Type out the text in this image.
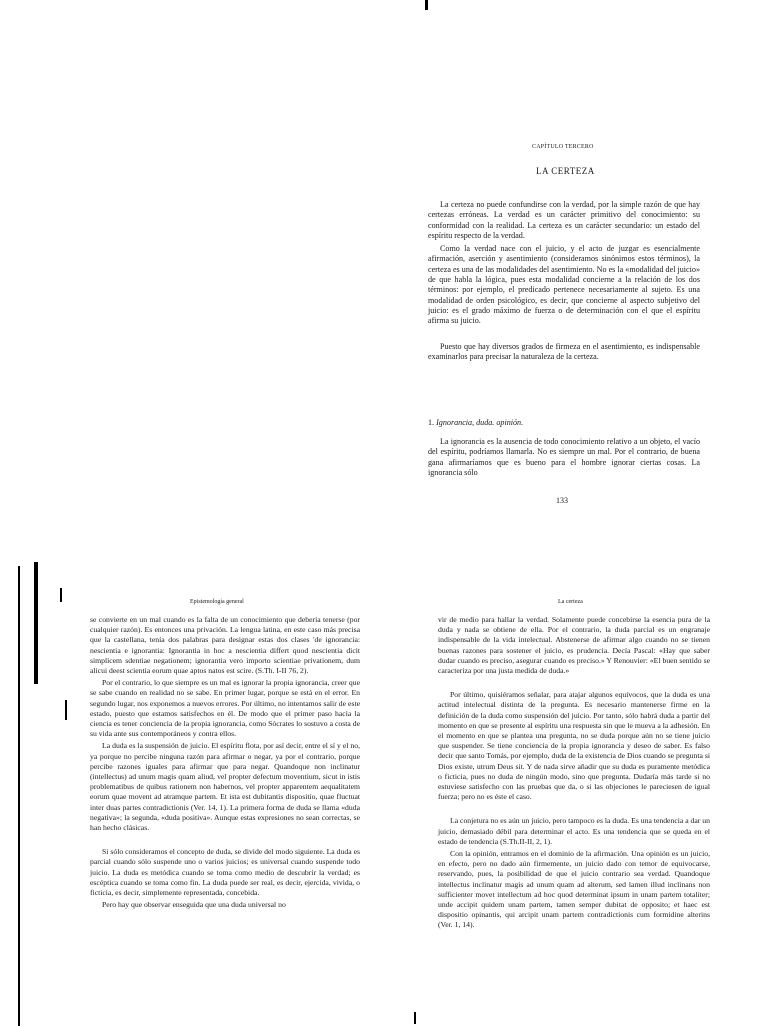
CAPÍTULO TERCERO
LA CERTEZA

La certeza no puede confundirse con la verdad, por la simple razón de que hay certezas erróneas. La verdad es un carácter primitivo del conocimiento: su conformidad con la realidad. La certeza es un carácter secundario: un estado del espíritu respecto de la verdad.

Como la verdad nace con el juicio, y el acto de juzgar es esencialmente afirmación, aserción y asentimiento (consideramos sinónimos estos términos), la certeza es una de las modalidades del asentimiento. No es la «modalidad del juicio» de que habla la lógica, pues esta modalidad concierne a la relación de los dos términos: por ejemplo, el predicado pertenece necesariamente al sujeto. Es una modalidad de orden psicológico, es decir, que concierne al aspecto subjetivo del juicio: es el grado máximo de fuerza o de determinación con el que el espíritu afirma su juicio.

Puesto que hay diversos grados de firmeza en el asentimiento, es indispensable examinarlos para precisar la naturaleza de la certeza.

1. Ignorancia, duda. opinión.

La ignorancia es la ausencia de todo conocimiento relativo a un objeto, el vacío del espíritu, podríamos llamarla. No es siempre un mal. Por el contrario, de buena gana afirmaríamos que es bueno para el hombre ignorar ciertas cosas. La ignorancia sólo

133
Epistemología general

se convierte en un mal cuando es la falta de un conocimiento que debería tenerse (por cualquier razón). Es entonces una privación. La lengua latina, en este caso más precisa que la castellana, tenía dos palabras para designar estas dos clases 'de ignorancia: nescientia e ignorantia: Ignorantia in hoc a nescientia differt quod nescientia dicit simplicem sdentiae negationem; ignorantia vero importo scientiae privationem, dum alicui deest scientia eorum quae aptos natos est scire. (S.Th. I-II 76, 2).

Por el contrario, lo que siempre es un mal es ignorar la propia ignorancia, creer que se sabe cuando en realidad no se sabe. En primer lugar, porque se está en el error. En segundo lugar, nos exponemos a nuevos errores. Por último, no intentamos salir de este estado, puesto que estamos satisfechos en él. De modo que el primer paso hacia la ciencia es tener conciencia de la propia ignorancia, como Sócrates lo sostuvo a costa de su vida ante sus contemporáneos y contra ellos.

La duda es la suspensión de juicio. El espíritu flota, por así decir, entre el sí y el no, ya porque no percibe ninguna razón para afirmar o negar, ya por el contrario, porque percibe razones iguales para afirmar que para negar. Quandoque non inclinatur (intellectus) ad unum magis quam aliud, vel propter defectum moventium, sicut in istis problematibus de quibus rationem non habernos, vel propter apparentem aequalitatem eorum quae movent ad atramque partem. Et ista est dubitantis dispositio, quae fluctuat inter duas partes contradictionis (Ver. 14, 1). La primera forma de duda se llama «duda negativa»; la segunda, «duda positiva». Aunque estas expresiones no sean correctas, se han hecho clásicas.

Si sólo consideramos el concepto de duda, se divide del modo siguiente. La duda es parcial cuando sólo suspende uno o varios juicios; es universal cuando suspende todo juicio. La duda es metódica cuando se toma como medio de descubrir la verdad; es escéptica cuando se toma como fin. La duda puede ser real, es decir, ejercida, vivida, o ficticia, es decir, simplemente representada, concebida.

Pero hay que observar enseguida que una duda universal no

La certeza

vir de medio para hallar la verdad. Solamente puede concebirse la esencia pura de la duda y nada se obtiene de ella. Por el contrario, la duda parcial es un engranaje indispensable de la vida intelectual. Abstenerse de afirmar algo cuando no se tienen buenas razones para sostener el juicio, es prudencia. Decía Pascal: «Hay que saber dudar cuando es preciso, asegurar cuando es preciso.» Y Renouvier: «El buen sentido se caracteriza por una justa medida de duda.»

Por último, quisiéramos señalar, para atajar algunos equívocos, que la duda es una actitud intelectual distinta de la pregunta. Es necesario mantenerse firme en la definición de la duda como suspensión del juicio. Por tanto, sólo habrá duda a partir del momento en que se presente al espíritu una respuesta sin que le mueva a la adhesión. En el momento en que se plantea una pregunta, no se duda porque aún no se tiene juicio que suspender. Se tiene conciencia de la propia ignorancia y deseo de saber. Es falso decir que santo Tomás, por ejemplo, duda de la existencia de Dios cuando se pregunta si Dios existe, utrum Deus sit. Y de nada sirve añadir que su duda es puramente metódica o ficticia, pues no duda de ningún modo, sino que pregunta. Dudaría más tarde si no estuviese satisfecho con las pruebas que da, o si las objeciones le pareciesen de igual fuerza; pero no es éste el caso.

La conjetura no es aún un juicio, pero tampoco es la duda. Es una tendencia a dar un juicio, demasiado débil para determinar el acto. Es una tendencia que se queda en el estado de tendencia (S.Th.II-II, 2, 1).

Con la opinión, entramos en el dominio de la afirmación. Una opinión es un juicio, en efecto, pero no dado aún firmemente, un juicio dado con temor de equivocarse, reservando, pues, la posibilidad de que el juicio contrario sea verdad. Quandoque intellectus inclinatur magis ad unum quam ad alterum, sed lamen illud inclinans non sufficienter movet intellectum ad hoc quod determinat ipsum in unam partem totaliter; unde accipit quidem unam partem, tamen semper dubitat de opposito; et haec est dispositio opinantis, qui arcipit unam partem contradictionis cum formidine alterins (Ver. 1, 14).
